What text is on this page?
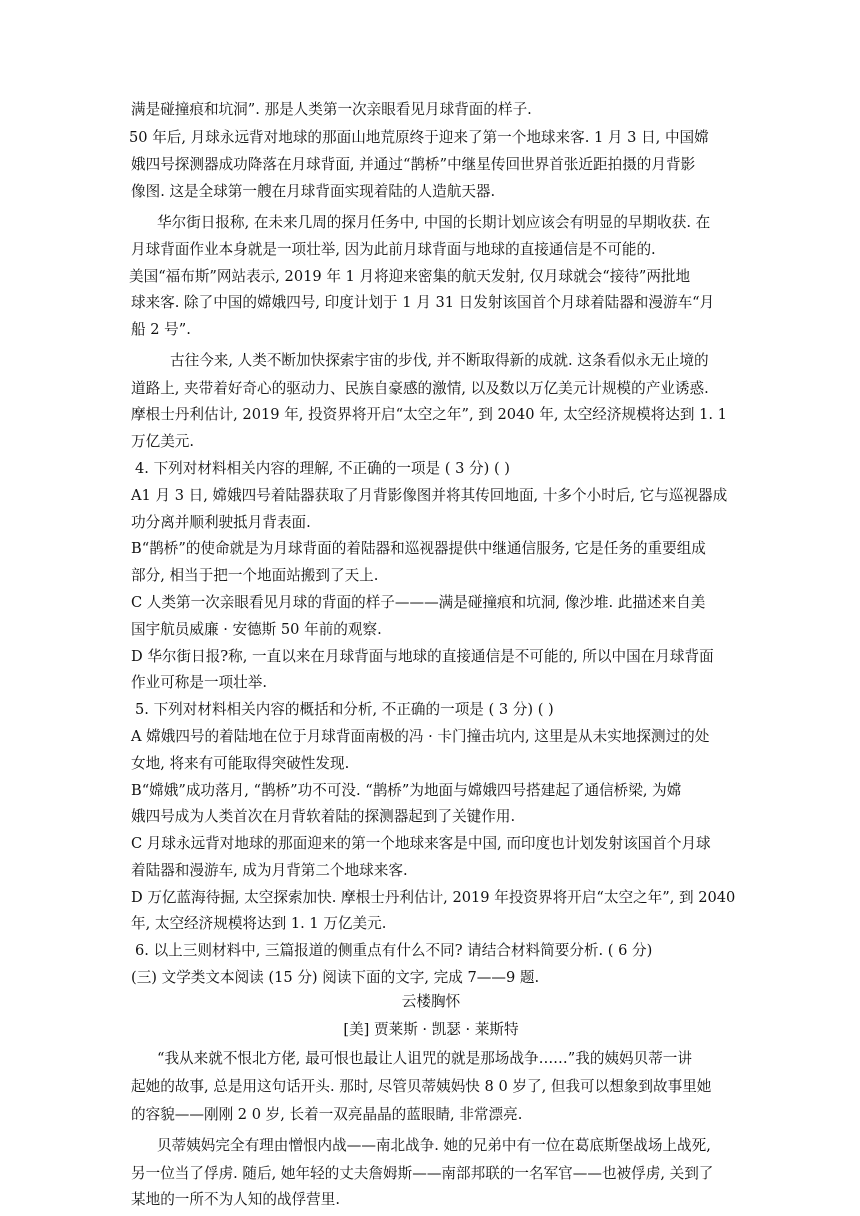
满是碰撞痕和坑洞”. 那是人类第一次亲眼看见月球背面的样子.
50 年后, 月球永远背对地球的那面山地荒原终于迎来了第一个地球来客. 1 月 3 日, 中国嫦
娥四号探测器成功降落在月球背面, 并通过“鹊桥”中继星传回世界首张近距拍摄的月背影
像图. 这是全球第一艘在月球背面实现着陆的人造航天器.
华尔街日报称, 在未来几周的探月任务中, 中国的长期计划应该会有明显的早期收获. 在
月球背面作业本身就是一项壮举, 因为此前月球背面与地球的直接通信是不可能的.
美国“福布斯”网站表示, 2019 年 1 月将迎来密集的航天发射, 仅月球就会“接待”两批地
球来客. 除了中国的嫦娥四号, 印度计划于 1 月 31 日发射该国首个月球着陆器和漫游车“月
船 2 号”.
古往今来, 人类不断加快探索宇宙的步伐, 并不断取得新的成就. 这条看似永无止境的
道路上, 夹带着好奇心的驱动力、民族自豪感的激情, 以及数以万亿美元计规模的产业诱惑.
摩根士丹利估计, 2019 年, 投资界将开启“太空之年”, 到 2040 年, 太空经济规模将达到 1. 1
万亿美元.
4. 下列对材料相关内容的理解, 不正确的一项是 ( 3 分) ( )
A1 月 3 日, 嫦娥四号着陆器获取了月背影像图并将其传回地面, 十多个小时后, 它与巡视器成
功分离并顺利驶抵月背表面.
B“鹊桥”的使命就是为月球背面的着陆器和巡视器提供中继通信服务, 它是任务的重要组成
部分, 相当于把一个地面站搬到了天上.
C 人类第一次亲眼看见月球的背面的样子———满是碰撞痕和坑洞, 像沙堆. 此描述来自美
国宇航员威廉 · 安德斯 50 年前的观察.
D 华尔街日报?称, 一直以来在月球背面与地球的直接通信是不可能的, 所以中国在月球背面
作业可称是一项壮举.
5. 下列对材料相关内容的概括和分析, 不正确的一项是 ( 3 分) ( )
A 嫦娥四号的着陆地在位于月球背面南极的冯 · 卡门撞击坑内, 这里是从未实地探测过的处
女地, 将来有可能取得突破性发现.
B“嫦娥”成功落月, “鹊桥”功不可没. “鹊桥”为地面与嫦娥四号搭建起了通信桥梁, 为嫦
娥四号成为人类首次在月背软着陆的探测器起到了关键作用.
C 月球永远背对地球的那面迎来的第一个地球来客是中国, 而印度也计划发射该国首个月球
着陆器和漫游车, 成为月背第二个地球来客.
D 万亿蓝海待掘, 太空探索加快. 摩根士丹利估计, 2019 年投资界将开启“太空之年”, 到 2040
年, 太空经济规模将达到 1. 1 万亿美元.
6. 以上三则材料中, 三篇报道的侧重点有什么不同? 请结合材料简要分析. ( 6 分)
(三) 文学类文本阅读 (15 分) 阅读下面的文字, 完成 7——9 题.
云楼胸怀
[美] 贾莱斯 · 凯瑟 · 莱斯特
“我从来就不恨北方佬, 最可恨也最让人诅咒的就是那场战争……”我的姨妈贝蒂一讲
起她的故事, 总是用这句话开头. 那时, 尽管贝蒂姨妈快 8 0 岁了, 但我可以想象到故事里她
的容貌——刚刚 2 0 岁, 长着一双亮晶晶的蓝眼睛, 非常漂亮.
贝蒂姨妈完全有理由憎恨内战——南北战争. 她的兄弟中有一位在葛底斯堡战场上战死,
另一位当了俘虏. 随后, 她年轻的丈夫詹姆斯——南部邦联的一名军官——也被俘虏, 关到了
某地的一所不为人知的战俘营里.
